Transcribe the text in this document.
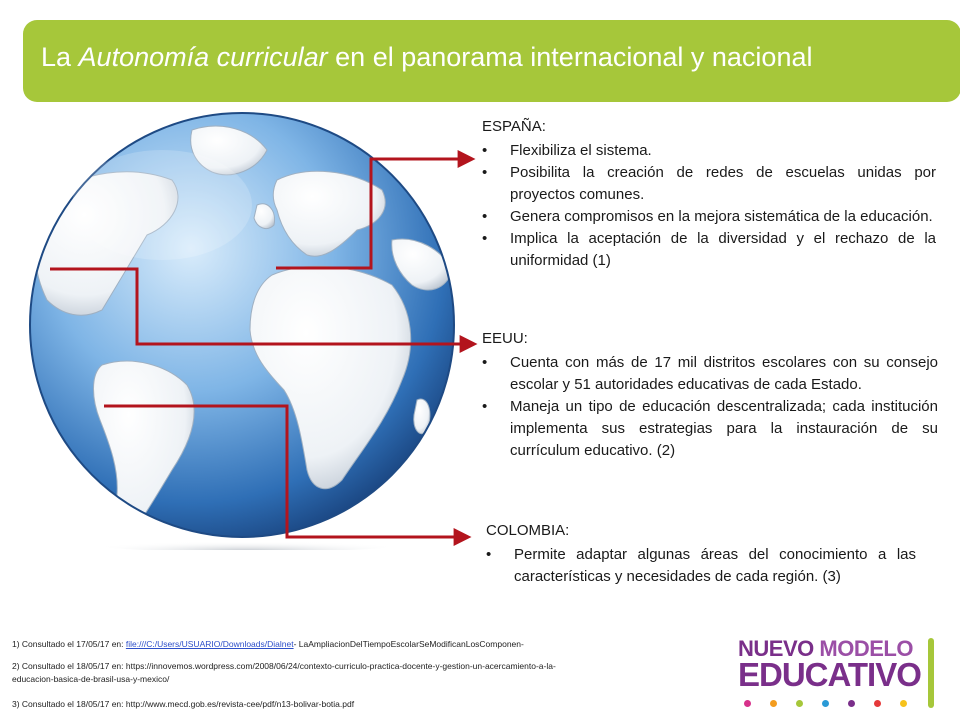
La Autonomía curricular en el panorama internacional y nacional
ESPAÑA:
• Flexibiliza el sistema.
• Posibilita la creación de redes de escuelas unidas por proyectos comunes.
• Genera compromisos en la mejora sistemática de la educación.
• Implica la aceptación de la diversidad y el rechazo de la uniformidad (1)
EEUU:
• Cuenta con más de 17 mil distritos escolares con su consejo escolar y 51 autoridades educativas de cada Estado.
• Maneja un tipo de educación descentralizada; cada institución implementa sus estrategias para la instauración de su currículum educativo. (2)
COLOMBIA:
• Permite adaptar algunas áreas del conocimiento a las características y necesidades de cada región. (3)
1) Consultado el 17/05/17 en: file:///C:/Users/USUARIO/Downloads/Dialnet- LaAmpliacionDelTiempoEscolarSeModificanLosComponen-
2) Consultado el 18/05/17 en: https://innovemos.wordpress.com/2008/06/24/contexto-curriculo-practica-docente-y-gestion-un-acercamiento-a-la-
educacion-basica-de-brasil-usa-y-mexico/
3) Consultado el 18/05/17 en: http://www.mecd.gob.es/revista-cee/pdf/n13-bolivar-botia.pdf
NUEVO MODELO
EDUCATIVO
